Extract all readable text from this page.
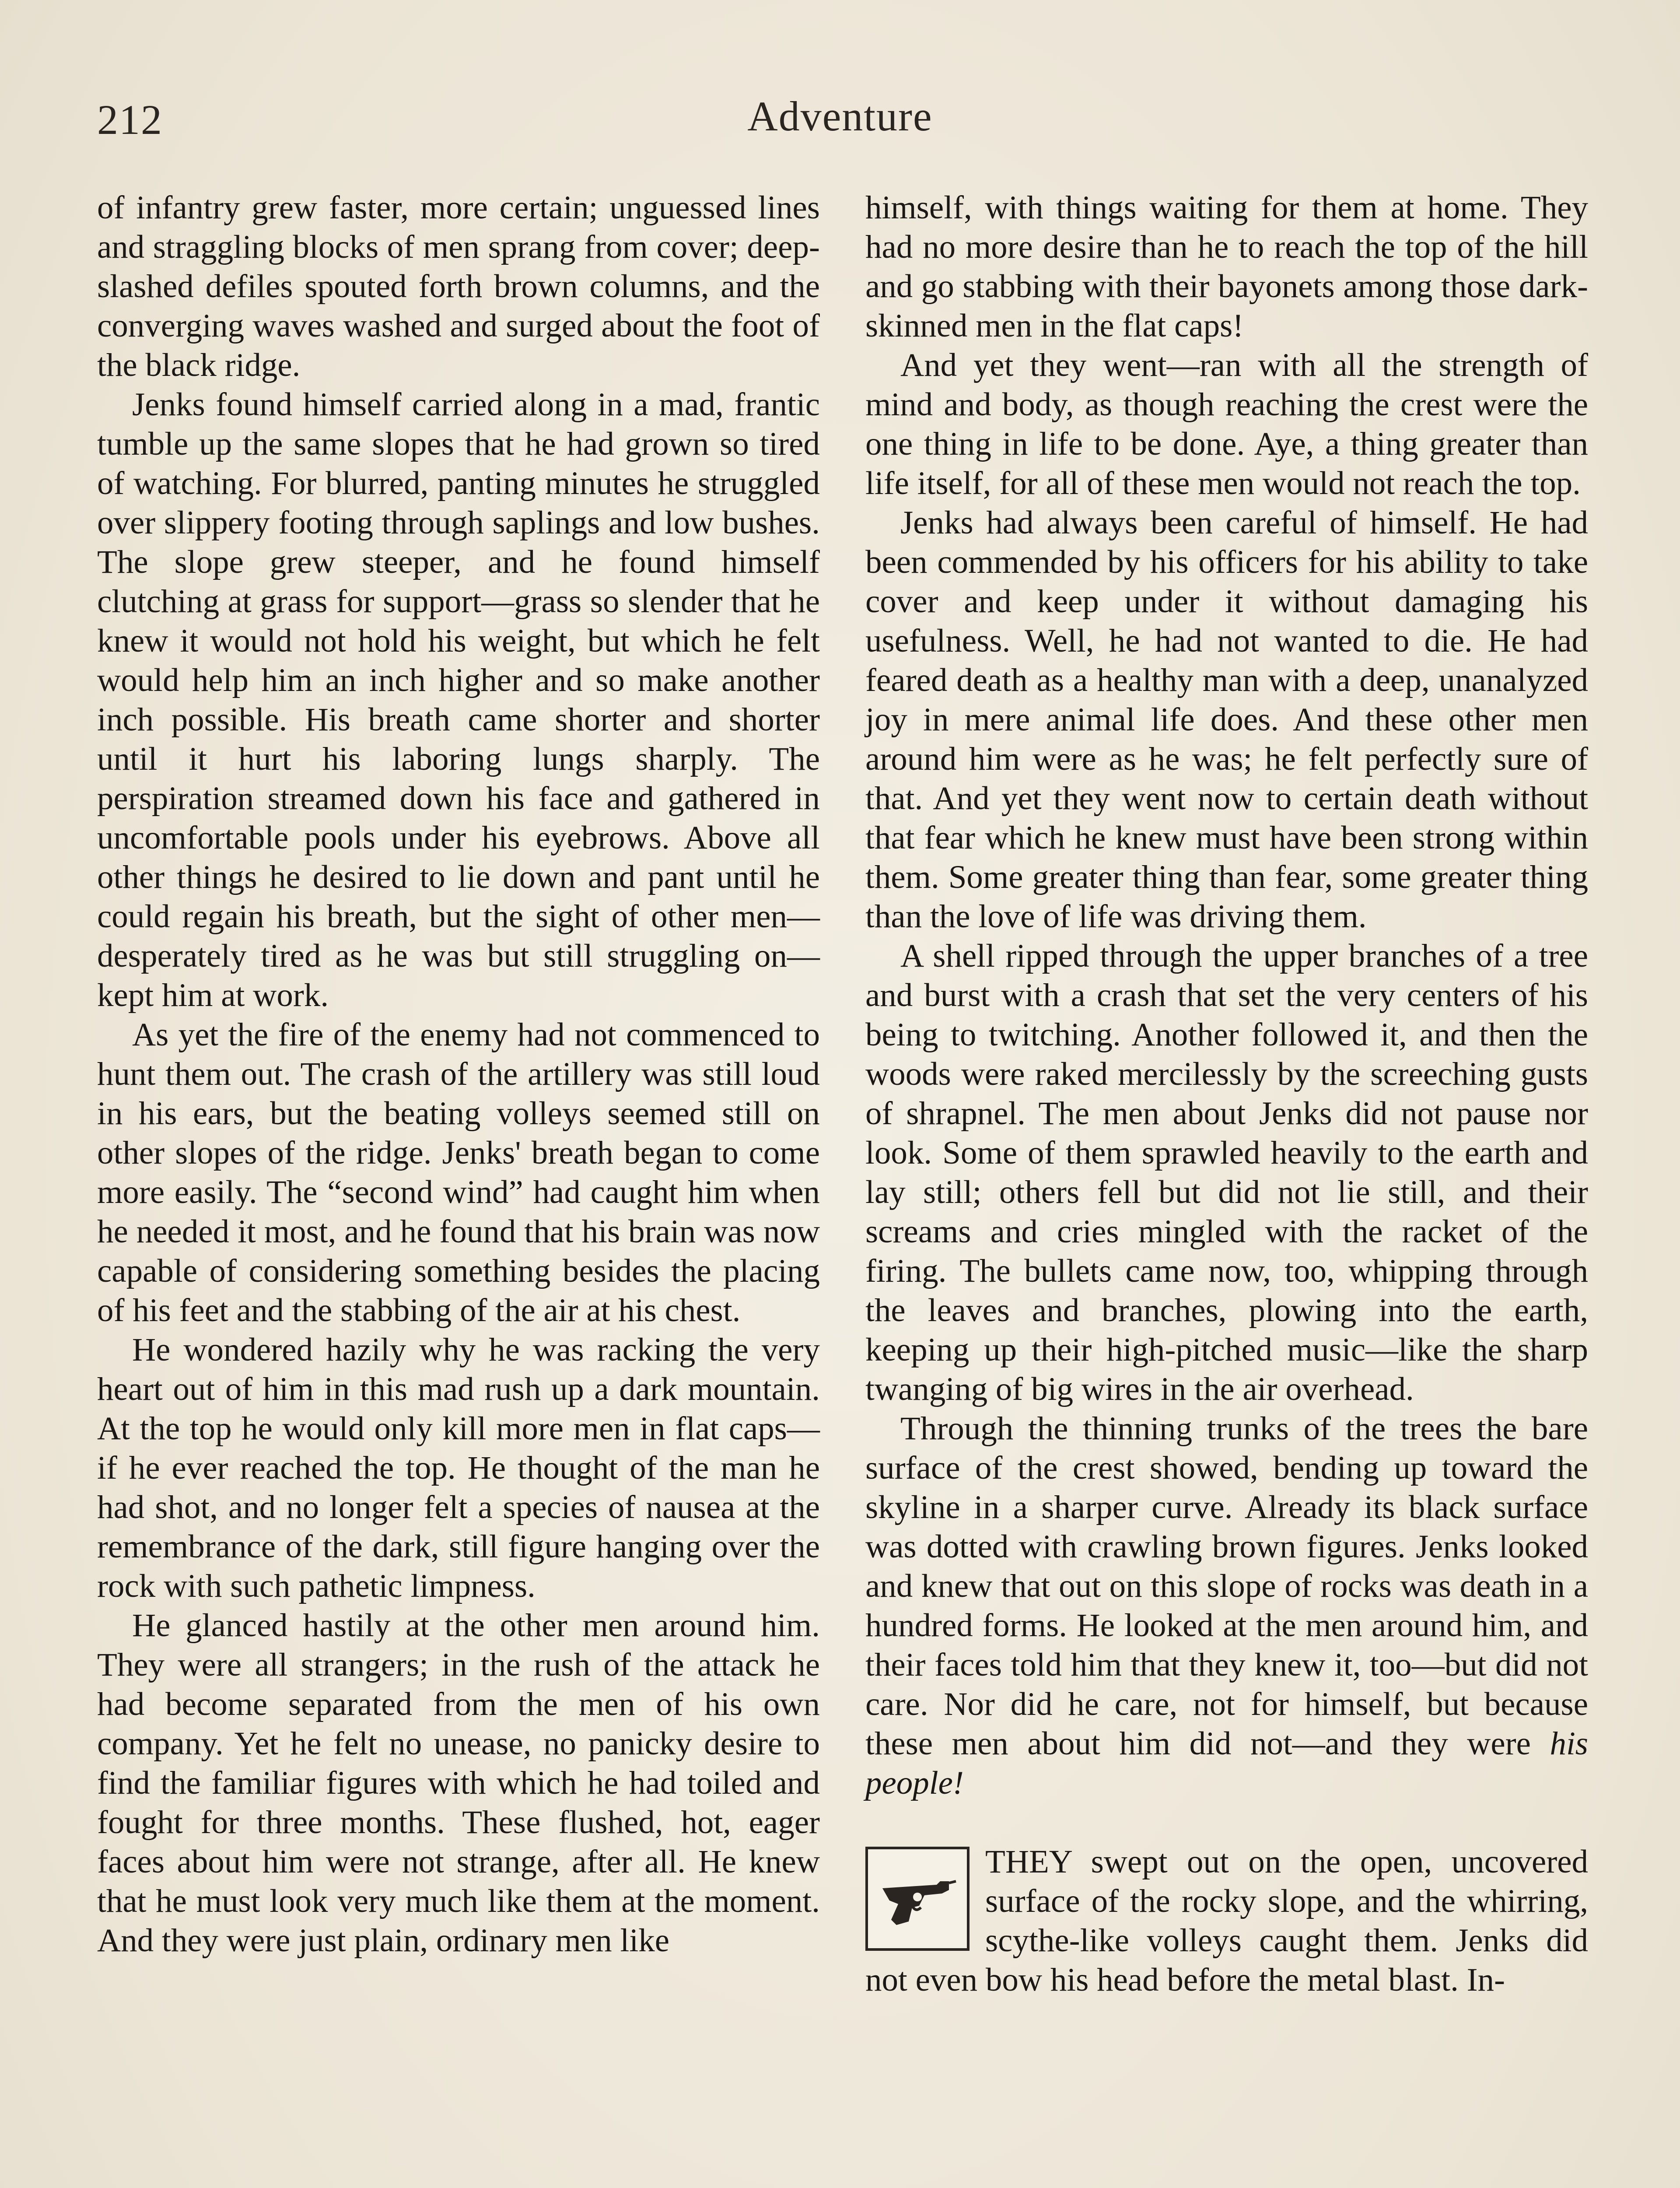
212	Adventure

of infantry grew faster, more certain; unguessed lines and straggling blocks of men sprang from cover; deep-slashed defiles spouted forth brown columns, and the converging waves washed and surged about the foot of the black ridge.

Jenks found himself carried along in a mad, frantic tumble up the same slopes that he had grown so tired of watching. For blurred, panting minutes he struggled over slippery footing through saplings and low bushes. The slope grew steeper, and he found himself clutching at grass for support—grass so slender that he knew it would not hold his weight, but which he felt would help him an inch higher and so make another inch possible. His breath came shorter and shorter until it hurt his laboring lungs sharply. The perspiration streamed down his face and gathered in uncomfortable pools under his eyebrows. Above all other things he desired to lie down and pant until he could regain his breath, but the sight of other men—desperately tired as he was but still struggling on—kept him at work.

As yet the fire of the enemy had not commenced to hunt them out. The crash of the artillery was still loud in his ears, but the beating volleys seemed still on other slopes of the ridge. Jenks' breath began to come more easily. The “second wind” had caught him when he needed it most, and he found that his brain was now capable of considering something besides the placing of his feet and the stabbing of the air at his chest.

He wondered hazily why he was racking the very heart out of him in this mad rush up a dark mountain. At the top he would only kill more men in flat caps—if he ever reached the top. He thought of the man he had shot, and no longer felt a species of nausea at the remembrance of the dark, still figure hanging over the rock with such pathetic limpness.

He glanced hastily at the other men around him. They were all strangers; in the rush of the attack he had become separated from the men of his own company. Yet he felt no unease, no panicky desire to find the familiar figures with which he had toiled and fought for three months. These flushed, hot, eager faces about him were not strange, after all. He knew that he must look very much like them at the moment. And they were just plain, ordinary men like

himself, with things waiting for them at home. They had no more desire than he to reach the top of the hill and go stabbing with their bayonets among those dark-skinned men in the flat caps!

And yet they went—ran with all the strength of mind and body, as though reaching the crest were the one thing in life to be done. Aye, a thing greater than life itself, for all of these men would not reach the top.

Jenks had always been careful of himself. He had been commended by his officers for his ability to take cover and keep under it without damaging his usefulness. Well, he had not wanted to die. He had feared death as a healthy man with a deep, unanalyzed joy in mere animal life does. And these other men around him were as he was; he felt perfectly sure of that. And yet they went now to certain death without that fear which he knew must have been strong within them. Some greater thing than fear, some greater thing than the love of life was driving them.

A shell ripped through the upper branches of a tree and burst with a crash that set the very centers of his being to twitching. Another followed it, and then the woods were raked mercilessly by the screeching gusts of shrapnel. The men about Jenks did not pause nor look. Some of them sprawled heavily to the earth and lay still; others fell but did not lie still, and their screams and cries mingled with the racket of the firing. The bullets came now, too, whipping through the leaves and branches, plowing into the earth, keeping up their high-pitched music—like the sharp twanging of big wires in the air overhead.

Through the thinning trunks of the trees the bare surface of the crest showed, bending up toward the skyline in a sharper curve. Already its black surface was dotted with crawling brown figures. Jenks looked and knew that out on this slope of rocks was death in a hundred forms. He looked at the men around him, and their faces told him that they knew it, too—but did not care. Nor did he care, not for himself, but because these men about him did not—and they were his people!

THEY swept out on the open, uncovered surface of the rocky slope, and the whirring, scythe-like volleys caught them. Jenks did not even bow his head before the metal blast. In-
